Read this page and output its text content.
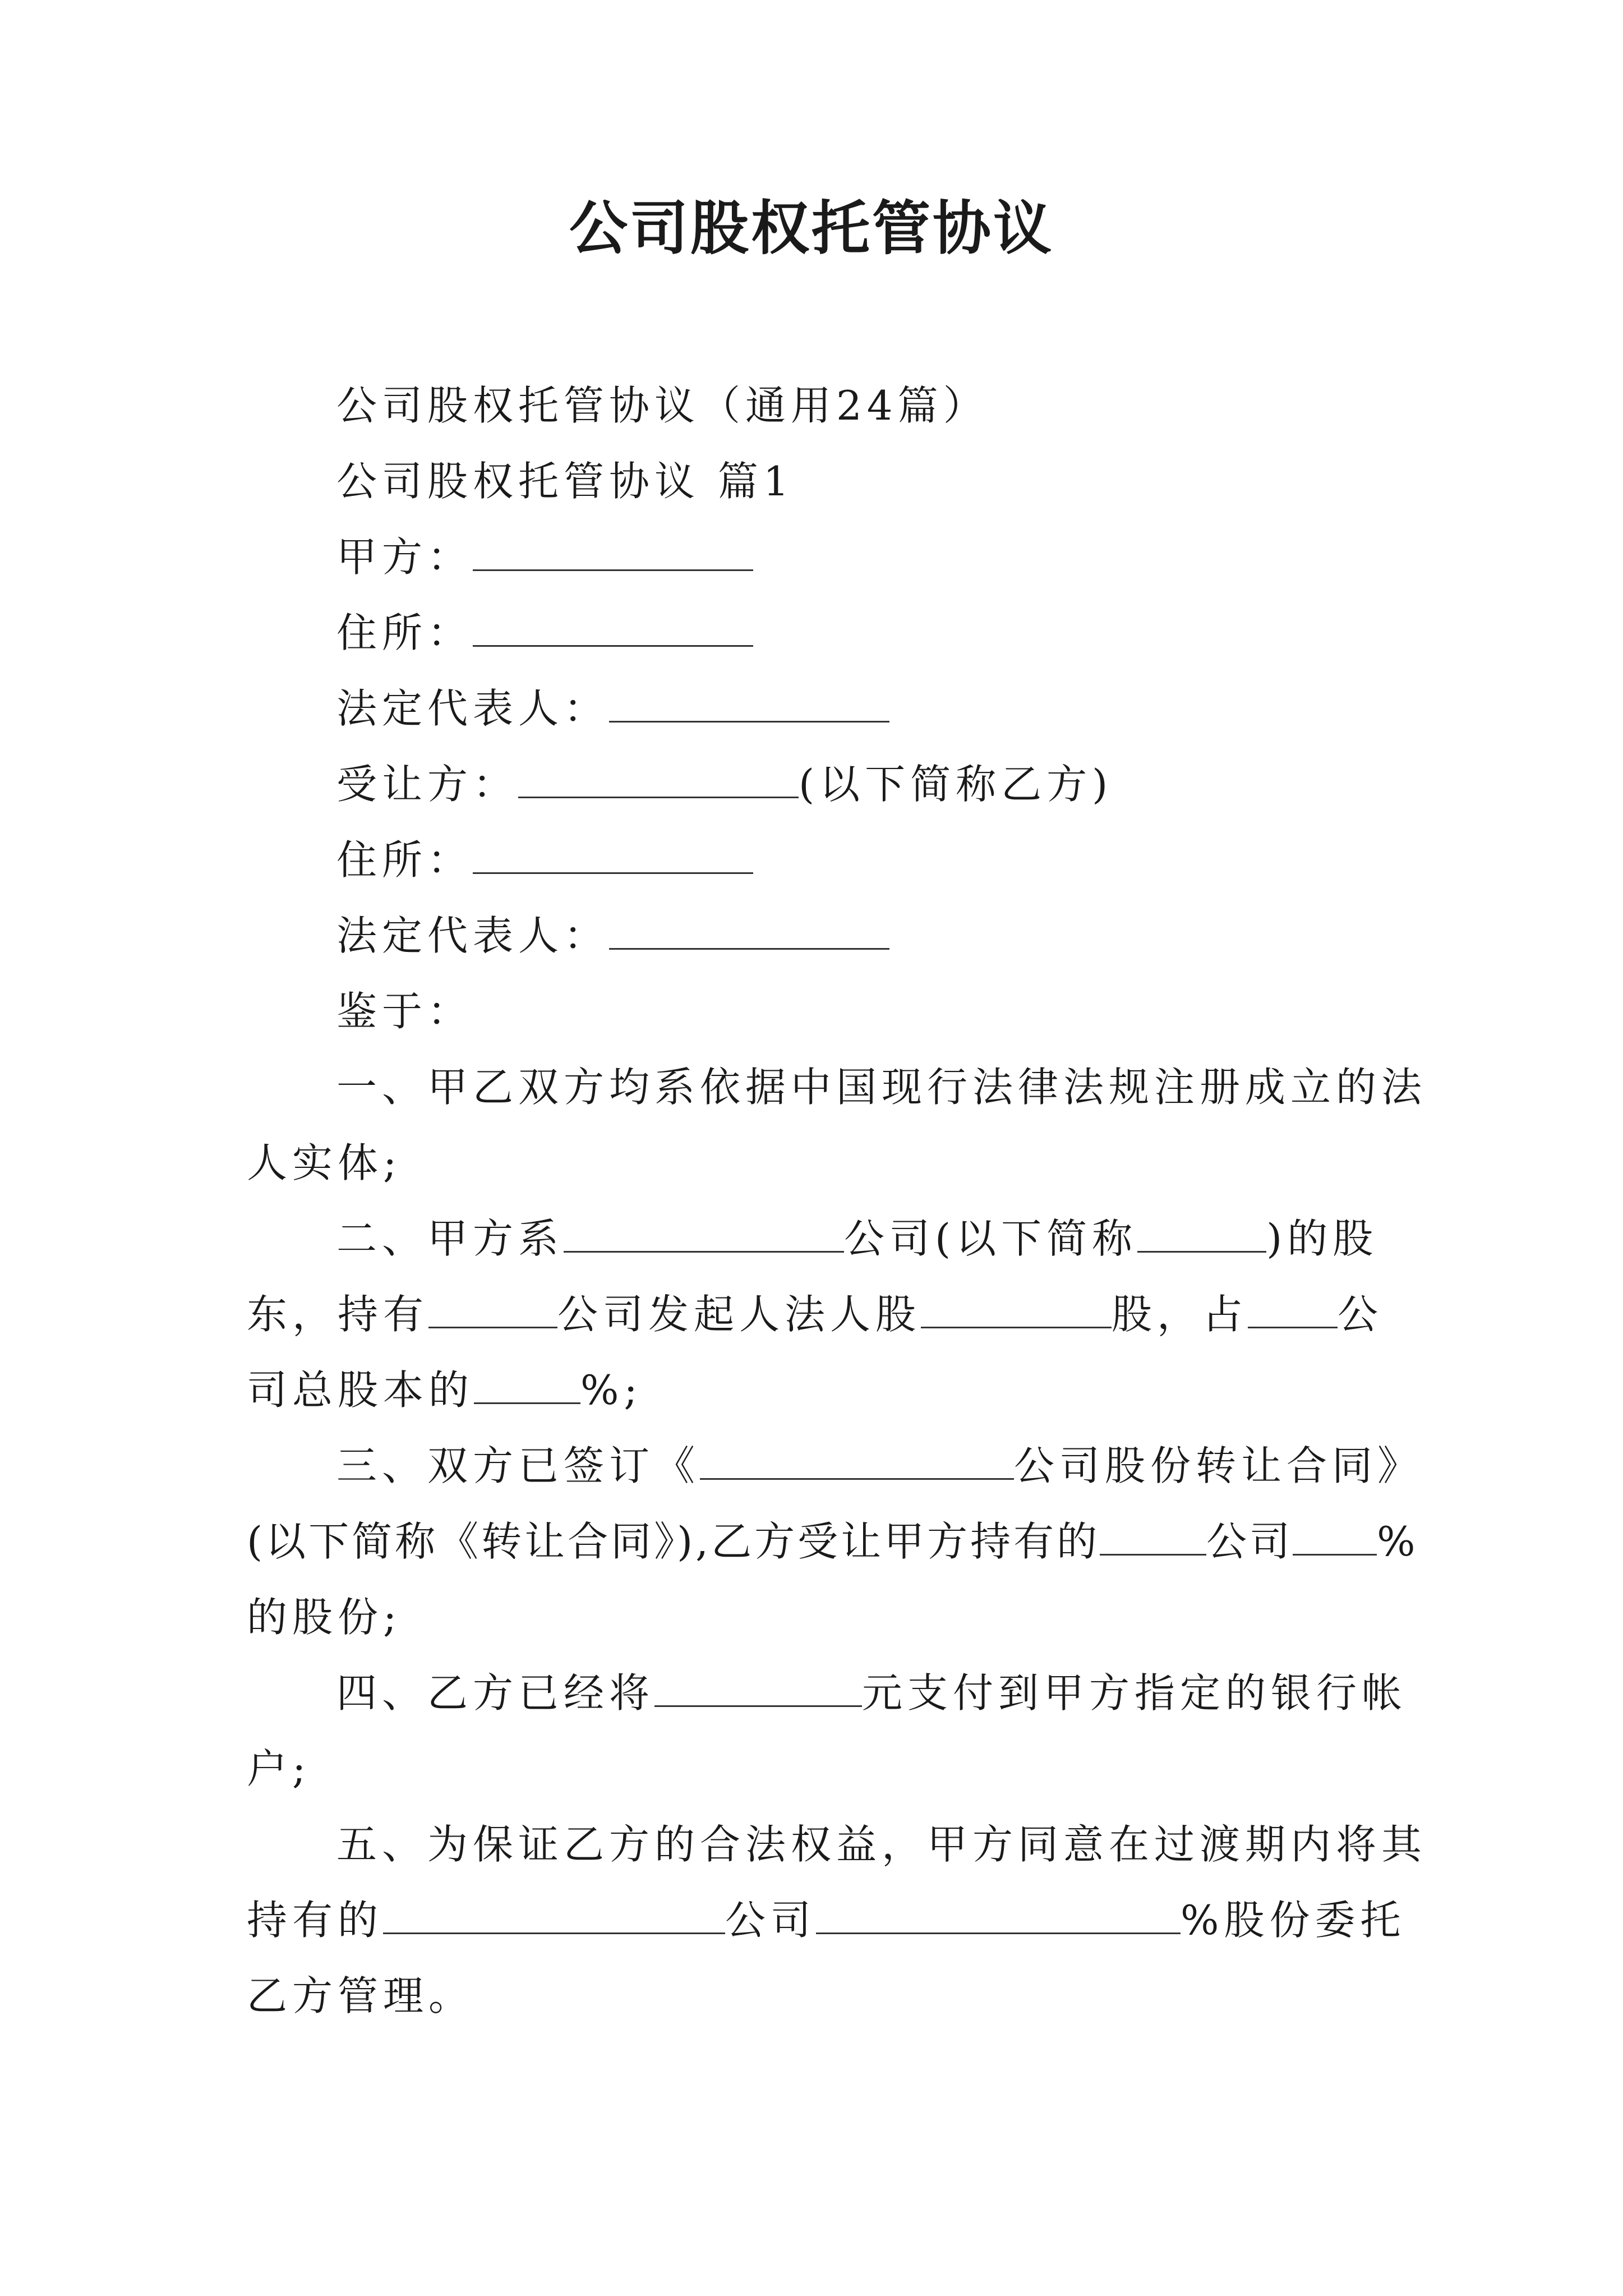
公司股权托管协议
公司股权托管协议（通用24篇）
公司股权托管协议 篇1
甲方：
住所：
法定代表人：
受让方：	(以下简称乙方)
住所：
法定代表人：
鉴于：
一、甲乙双方均系依据中国现行法律法规注册成立的法
人实体;
二、甲方系	公司(以下简称	)的股
东，持有	公司发起人法人股	股，占 公
司总股本的	%;
三、双方已签订《	公司股份转让合同》
(以下简称《转让合同》),乙方受让甲方持有的	公司 %
的股份;
四、乙方已经将	元支付到甲方指定的银行帐
户;
五、为保证乙方的合法权益，甲方同意在过渡期内将其
持有的	公司	%股份委托
乙方管理。
